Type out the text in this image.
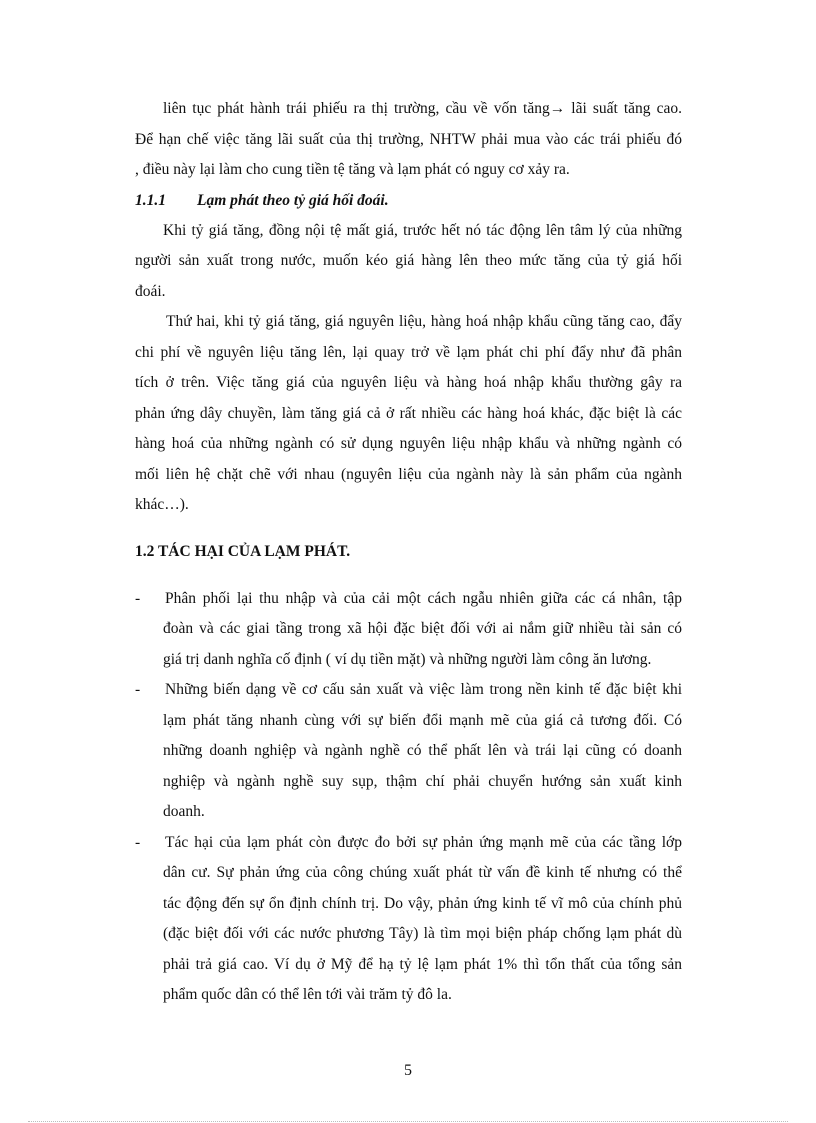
liên tục phát hành trái phiếu ra thị trường, cầu về vốn tăng→ lãi suất tăng cao.
Để hạn chế việc tăng lãi suất của thị trường, NHTW phải mua vào các trái phiếu đó
, điều này lại làm cho cung tiền tệ tăng và lạm phát có nguy cơ xảy ra.
1.1.1 Lạm phát theo tỷ giá hối đoái.
Khi tỷ giá tăng, đồng nội tệ mất giá, trước hết nó tác động lên tâm lý của những
người sản xuất trong nước, muốn kéo giá hàng lên theo mức tăng của tỷ giá hối
đoái.
Thứ hai, khi tỷ giá tăng, giá nguyên liệu, hàng hoá nhập khẩu cũng tăng cao, đẩy
chi phí về nguyên liệu tăng lên, lại quay trở về lạm phát chi phí đẩy như đã phân
tích ở trên. Việc tăng giá của nguyên liệu và hàng hoá nhập khẩu thường gây ra
phản ứng dây chuyền, làm tăng giá cả ở rất nhiều các hàng hoá khác, đặc biệt là các
hàng hoá của những ngành có sử dụng nguyên liệu nhập khẩu và những ngành có
mối liên hệ chặt chẽ với nhau (nguyên liệu của ngành này là sản phẩm của ngành
khác…).
1.2 TÁC HẠI CỦA LẠM PHÁT.
- Phân phối lại thu nhập và của cải một cách ngẫu nhiên giữa các cá nhân, tập
đoàn và các giai tầng trong xã hội đặc biệt đối với ai nắm giữ nhiều tài sản có
giá trị danh nghĩa cố định ( ví dụ tiền mặt) và những người làm công ăn lương.
- Những biến dạng về cơ cấu sản xuất và việc làm trong nền kinh tế đặc biệt khi
lạm phát tăng nhanh cùng với sự biến đổi mạnh mẽ của giá cả tương đối. Có
những doanh nghiệp và ngành nghề có thể phất lên và trái lại cũng có doanh
nghiệp và ngành nghề suy sụp, thậm chí phải chuyển hướng sản xuất kinh
doanh.
- Tác hại của lạm phát còn được đo bởi sự phản ứng mạnh mẽ của các tầng lớp
dân cư. Sự phản ứng của công chúng xuất phát từ vấn đề kinh tế nhưng có thể
tác động đến sự ổn định chính trị. Do vậy, phản ứng kinh tế vĩ mô của chính phủ
(đặc biệt đối với các nước phương Tây) là tìm mọi biện pháp chống lạm phát dù
phải trả giá cao. Ví dụ ở Mỹ để hạ tỷ lệ lạm phát 1% thì tổn thất của tổng sản
phẩm quốc dân có thể lên tới vài trăm tỷ đô la.
5
